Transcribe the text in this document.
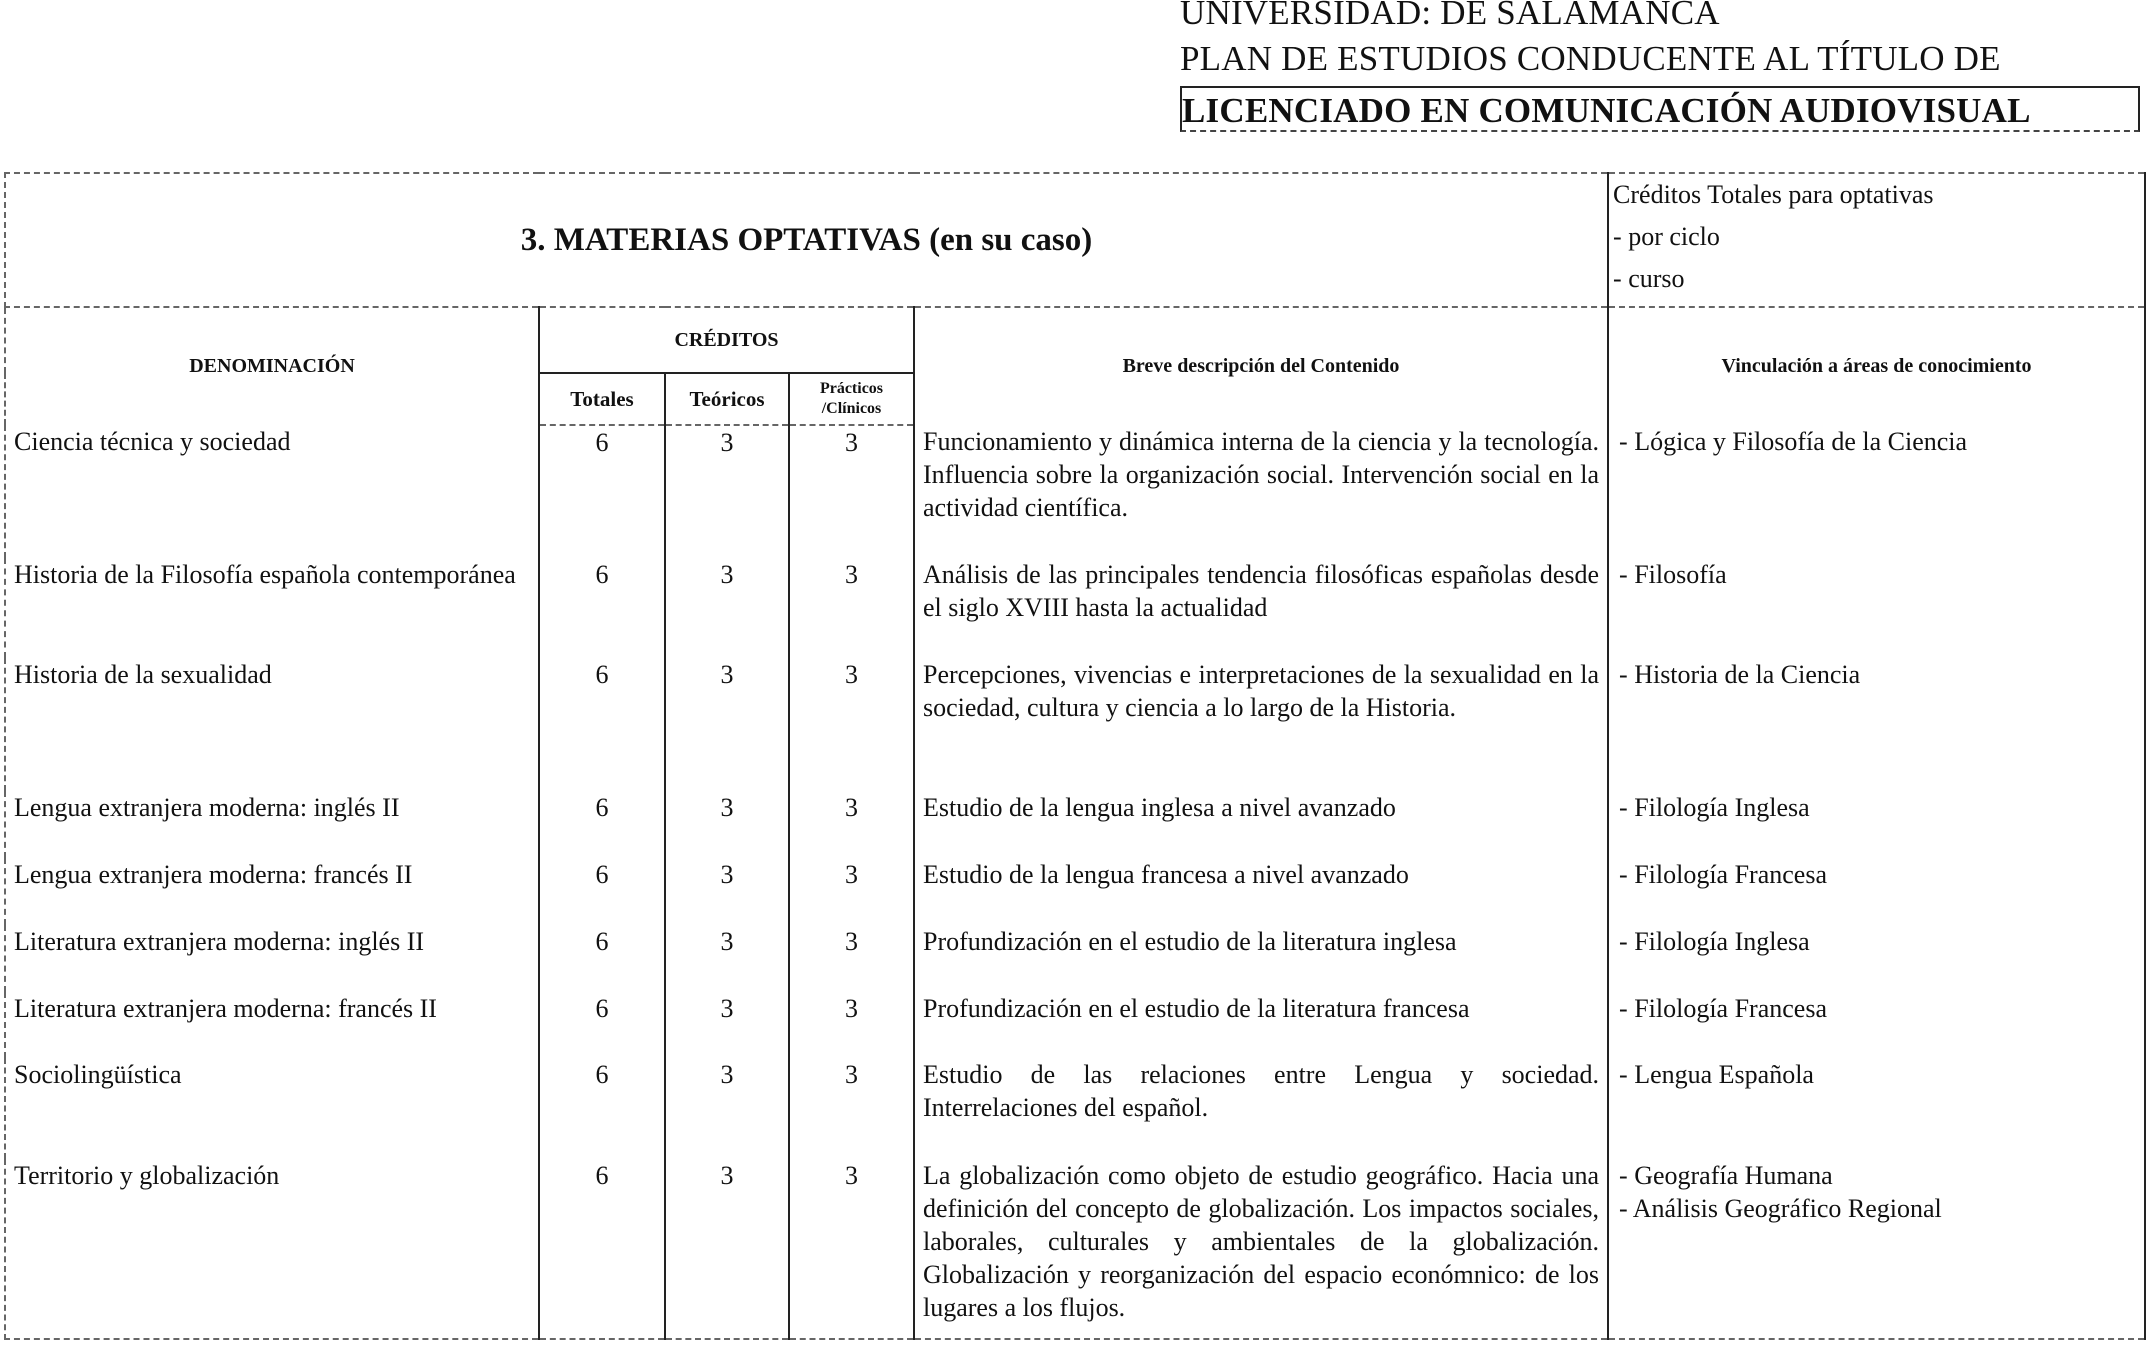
UNIVERSIDAD: DE SALAMANCA
PLAN DE ESTUDIOS CONDUCENTE AL TÍTULO DE
LICENCIADO EN COMUNICACIÓN AUDIOVISUAL
3. MATERIAS OPTATIVAS (en su caso)					Créditos Totales para optativas
- por ciclo
- curso

DENOMINACIÓN	CRÉDITOS			Breve descripción del Contenido	Vinculación a áreas de conocimiento
	Totales	Teóricos	Prácticos /Clínicos		
Ciencia técnica y sociedad	6	3	3	Funcionamiento y dinámica interna de la ciencia y la tecnología. Influencia sobre la organización social. Intervención social en la actividad científica.	- Lógica y Filosofía de la Ciencia
Historia de la Filosofía española contemporánea	6	3	3	Análisis de las principales tendencia filosóficas españolas desde el siglo XVIII hasta la actualidad	- Filosofía
Historia de la sexualidad	6	3	3	Percepciones, vivencias e interpretaciones de la sexualidad en la sociedad, cultura y ciencia a lo largo de la Historia.	- Historia de la Ciencia
Lengua extranjera moderna: inglés II	6	3	3	Estudio de la lengua inglesa a nivel avanzado	- Filología Inglesa
Lengua extranjera moderna: francés II	6	3	3	Estudio de la lengua francesa a nivel avanzado	- Filología Francesa
Literatura extranjera moderna: inglés II	6	3	3	Profundización en el estudio de la literatura inglesa	- Filología Inglesa
Literatura extranjera moderna: francés II	6	3	3	Profundización en el estudio de la literatura francesa	- Filología Francesa
Sociolingüística	6	3	3	Estudio de las relaciones entre Lengua y sociedad. Interrelaciones del español.	- Lengua Española
Territorio y globalización	6	3	3	La globalización como objeto de estudio geográfico. Hacia una definición del concepto de globalización. Los impactos sociales, laborales, culturales y ambientales de la globalización. Globalización y reorganización del espacio económnico: de los lugares a los flujos.	- Geografía Humana
- Análisis Geográfico Regional
